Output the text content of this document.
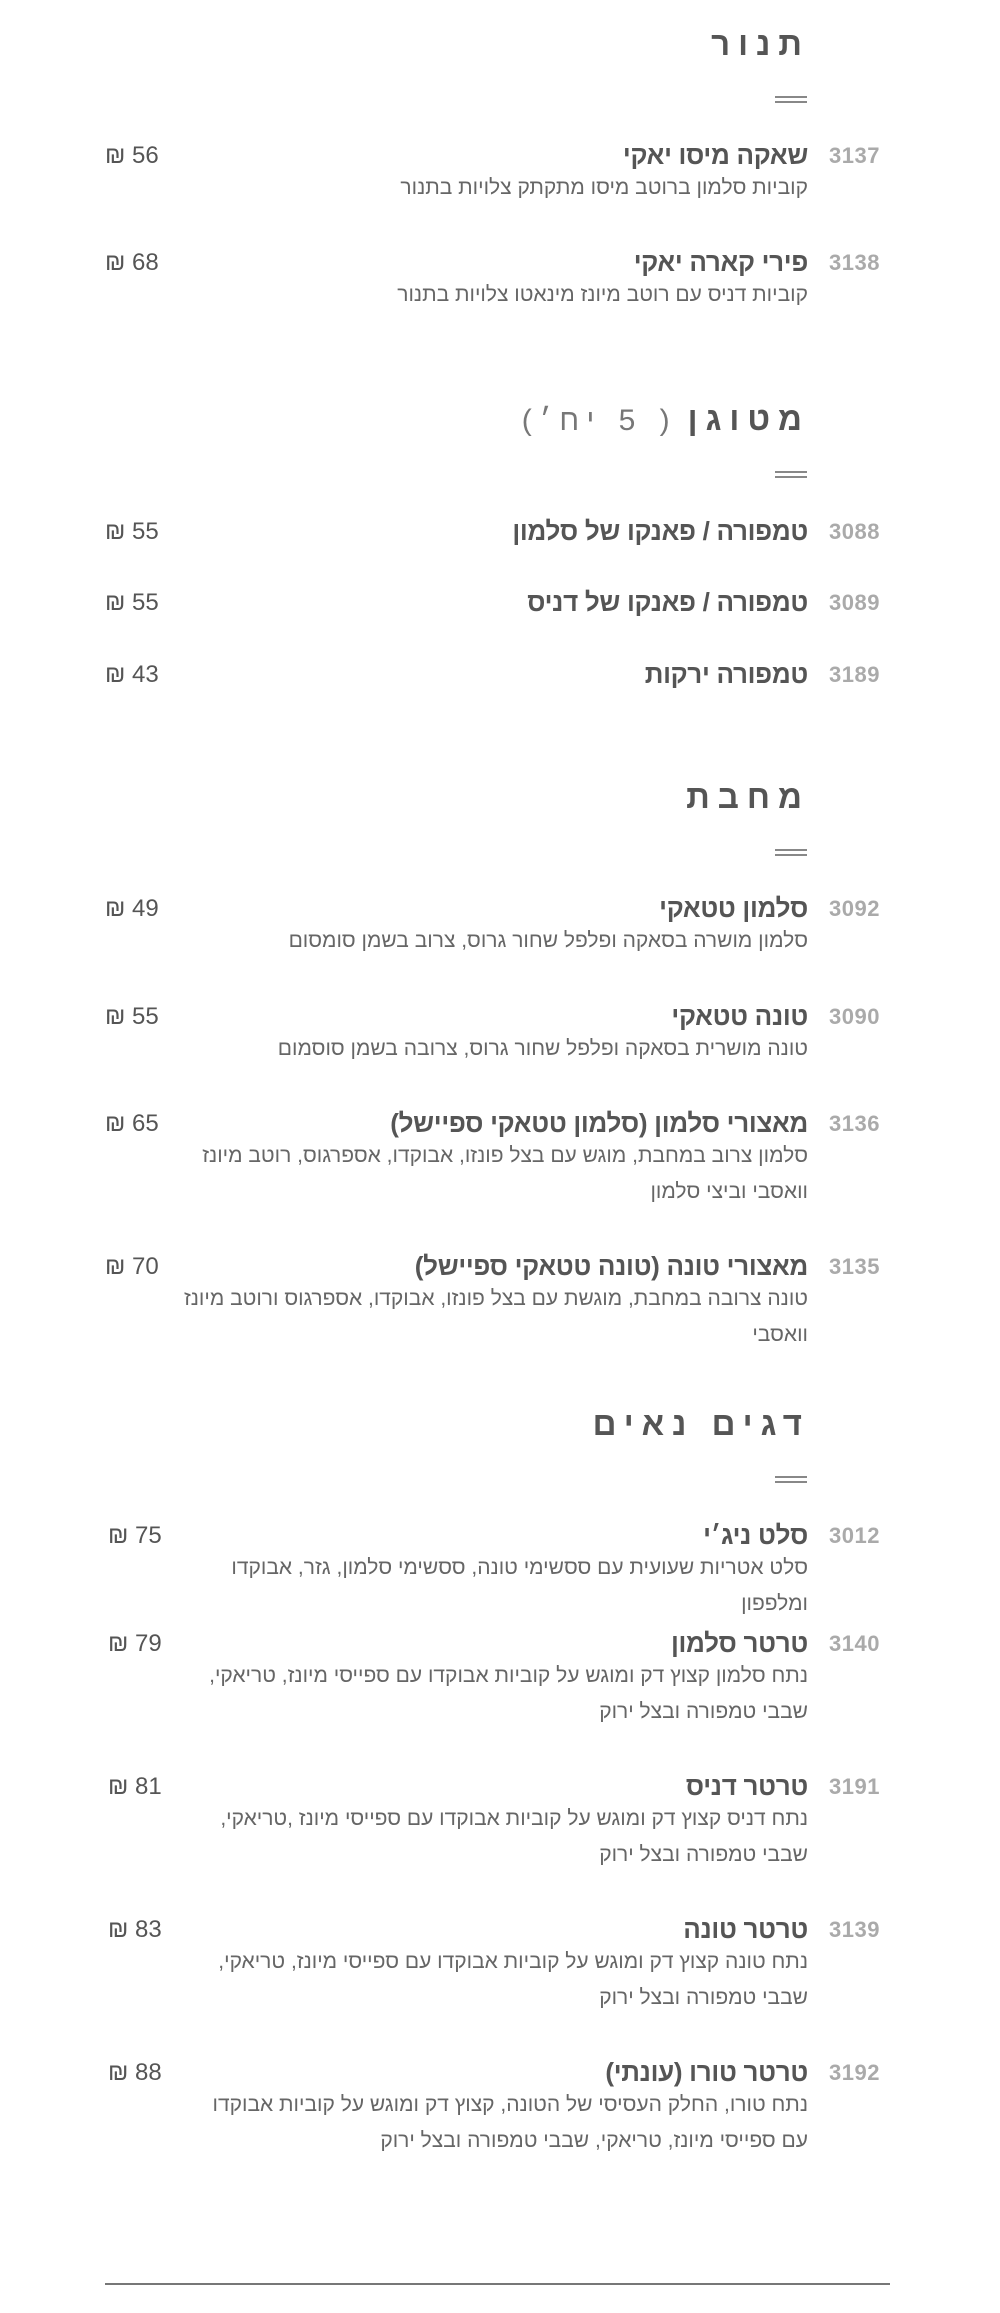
תנור
3137
שאקה מיסו יאקי
₪ 56
קוביות סלמון ברוטב מיסו מתקתק צלויות בתנור
3138
פירי קארה יאקי
₪ 68
קוביות דניס עם רוטב מיונז מינאטו צלויות בתנור
מטוגן( 5 יח׳)
3088
טמפורה / פאנקו של סלמון
₪ 55
3089
טמפורה / פאנקו של דניס
₪ 55
3189
טמפורה ירקות
₪ 43
מחבת
3092
סלמון טטאקי
₪ 49
סלמון מושרה בסאקה ופלפל שחור גרוס, צרוב בשמן סומסום
3090
טונה טטאקי
₪ 55
טונה מושרית בסאקה ופלפל שחור גרוס, צרובה בשמן סוסמום
3136
מאצורי סלמון (סלמון טטאקי ספיישל)
₪ 65
סלמון צרוב במחבת, מוגש עם בצל פונזו, אבוקדו, אספרגוס, רוטב מיונז וואסבי וביצי סלמון
3135
מאצורי טונה (טונה טטאקי ספיישל)
₪ 70
טונה צרובה במחבת, מוגשת עם בצל פונזו, אבוקדו, אספרגוס ורוטב מיונז וואסבי
דגים נאים
3012
סלט ניג׳י
₪ 75
סלט אטריות שעועית עם ססשימי טונה, ססשימי סלמון, גזר, אבוקדו ומלפפון
3140
טרטר סלמון
₪ 79
נתח סלמון קצוץ דק ומוגש על קוביות אבוקדו עם ספייסי מיונז, טריאקי, שבבי טמפורה ובצל ירוק
3191
טרטר דניס
₪ 81
נתח דניס קצוץ דק ומוגש על קוביות אבוקדו עם ספייסי מיונז ,טריאקי, שבבי טמפורה ובצל ירוק
3139
טרטר טונה
₪ 83
נתח טונה קצוץ דק ומוגש על קוביות אבוקדו עם ספייסי מיונז, טריאקי, שבבי טמפורה ובצל ירוק
3192
טרטר טורו (עונתי)
₪ 88
נתח טורו, החלק העסיסי של הטונה, קצוץ דק ומוגש על קוביות אבוקדו עם ספייסי מיונז, טריאקי, שבבי טמפורה ובצל ירוק
